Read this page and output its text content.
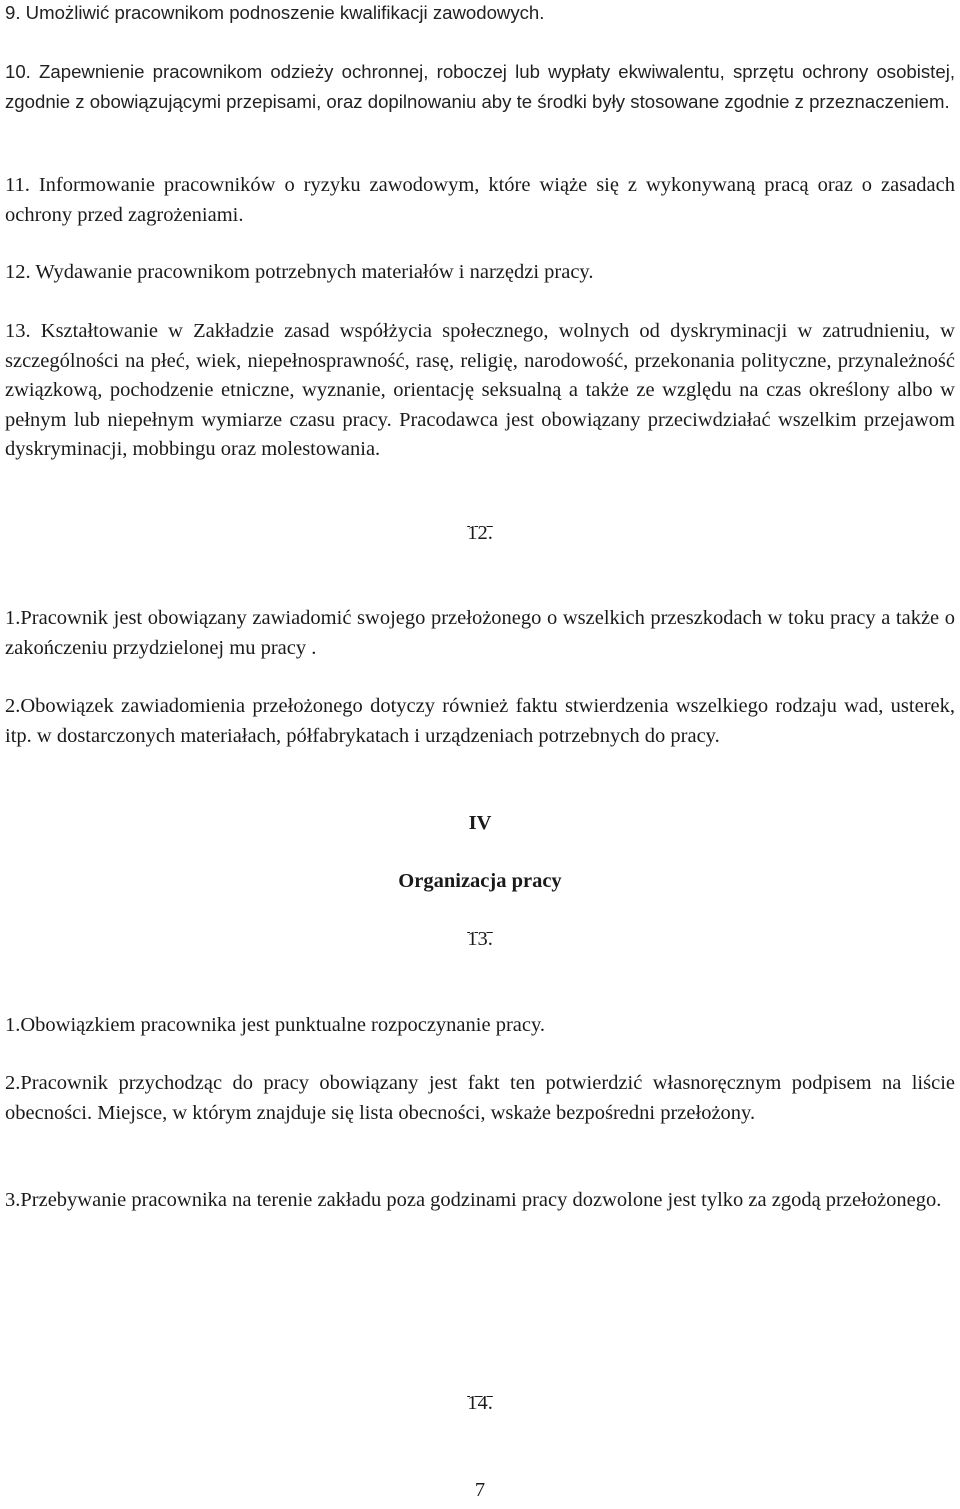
9. Umożliwić pracownikom podnoszenie kwalifikacji zawodowych.

10. Zapewnienie pracownikom odzieży ochronnej, roboczej lub wypłaty ekwiwalentu, sprzętu ochrony osobistej, zgodnie z obowiązującymi przepisami, oraz dopilnowaniu aby te środki były stosowane zgodnie z przeznaczeniem.

11. Informowanie pracowników o ryzyku zawodowym, które wiąże się z wykonywaną pracą oraz o zasadach ochrony przed zagrożeniami.

12. Wydawanie pracownikom potrzebnych materiałów i narzędzi pracy.

13. Kształtowanie w Zakładzie zasad współżycia społecznego, wolnych od dyskryminacji w zatrudnieniu, w szczególności na płeć, wiek, niepełnosprawność, rasę, religię, narodowość, przekonania polityczne, przynależność związkową, pochodzenie etniczne, wyznanie, orientację seksualną a także ze względu na czas określony albo w pełnym lub niepełnym wymiarze czasu pracy. Pracodawca jest obowiązany przeciwdziałać wszelkim przejawom dyskryminacji, mobbingu oraz molestowania.

12.

1.Pracownik jest obowiązany zawiadomić swojego przełożonego o wszelkich przeszkodach w toku pracy a także o zakończeniu przydzielonej mu pracy .

2.Obowiązek zawiadomienia przełożonego dotyczy również faktu stwierdzenia wszelkiego rodzaju wad, usterek, itp. w dostarczonych materiałach, półfabrykatach i urządzeniach potrzebnych do pracy.

IV

Organizacja pracy

13.

1.Obowiązkiem pracownika jest punktualne rozpoczynanie pracy.

2.Pracownik przychodząc do pracy obowiązany jest fakt ten potwierdzić własnoręcznym podpisem na liście obecności. Miejsce, w którym znajduje się lista obecności, wskaże bezpośredni przełożony.

3.Przebywanie pracownika na terenie zakładu poza godzinami pracy dozwolone jest tylko za zgodą przełożonego.

14.

7
